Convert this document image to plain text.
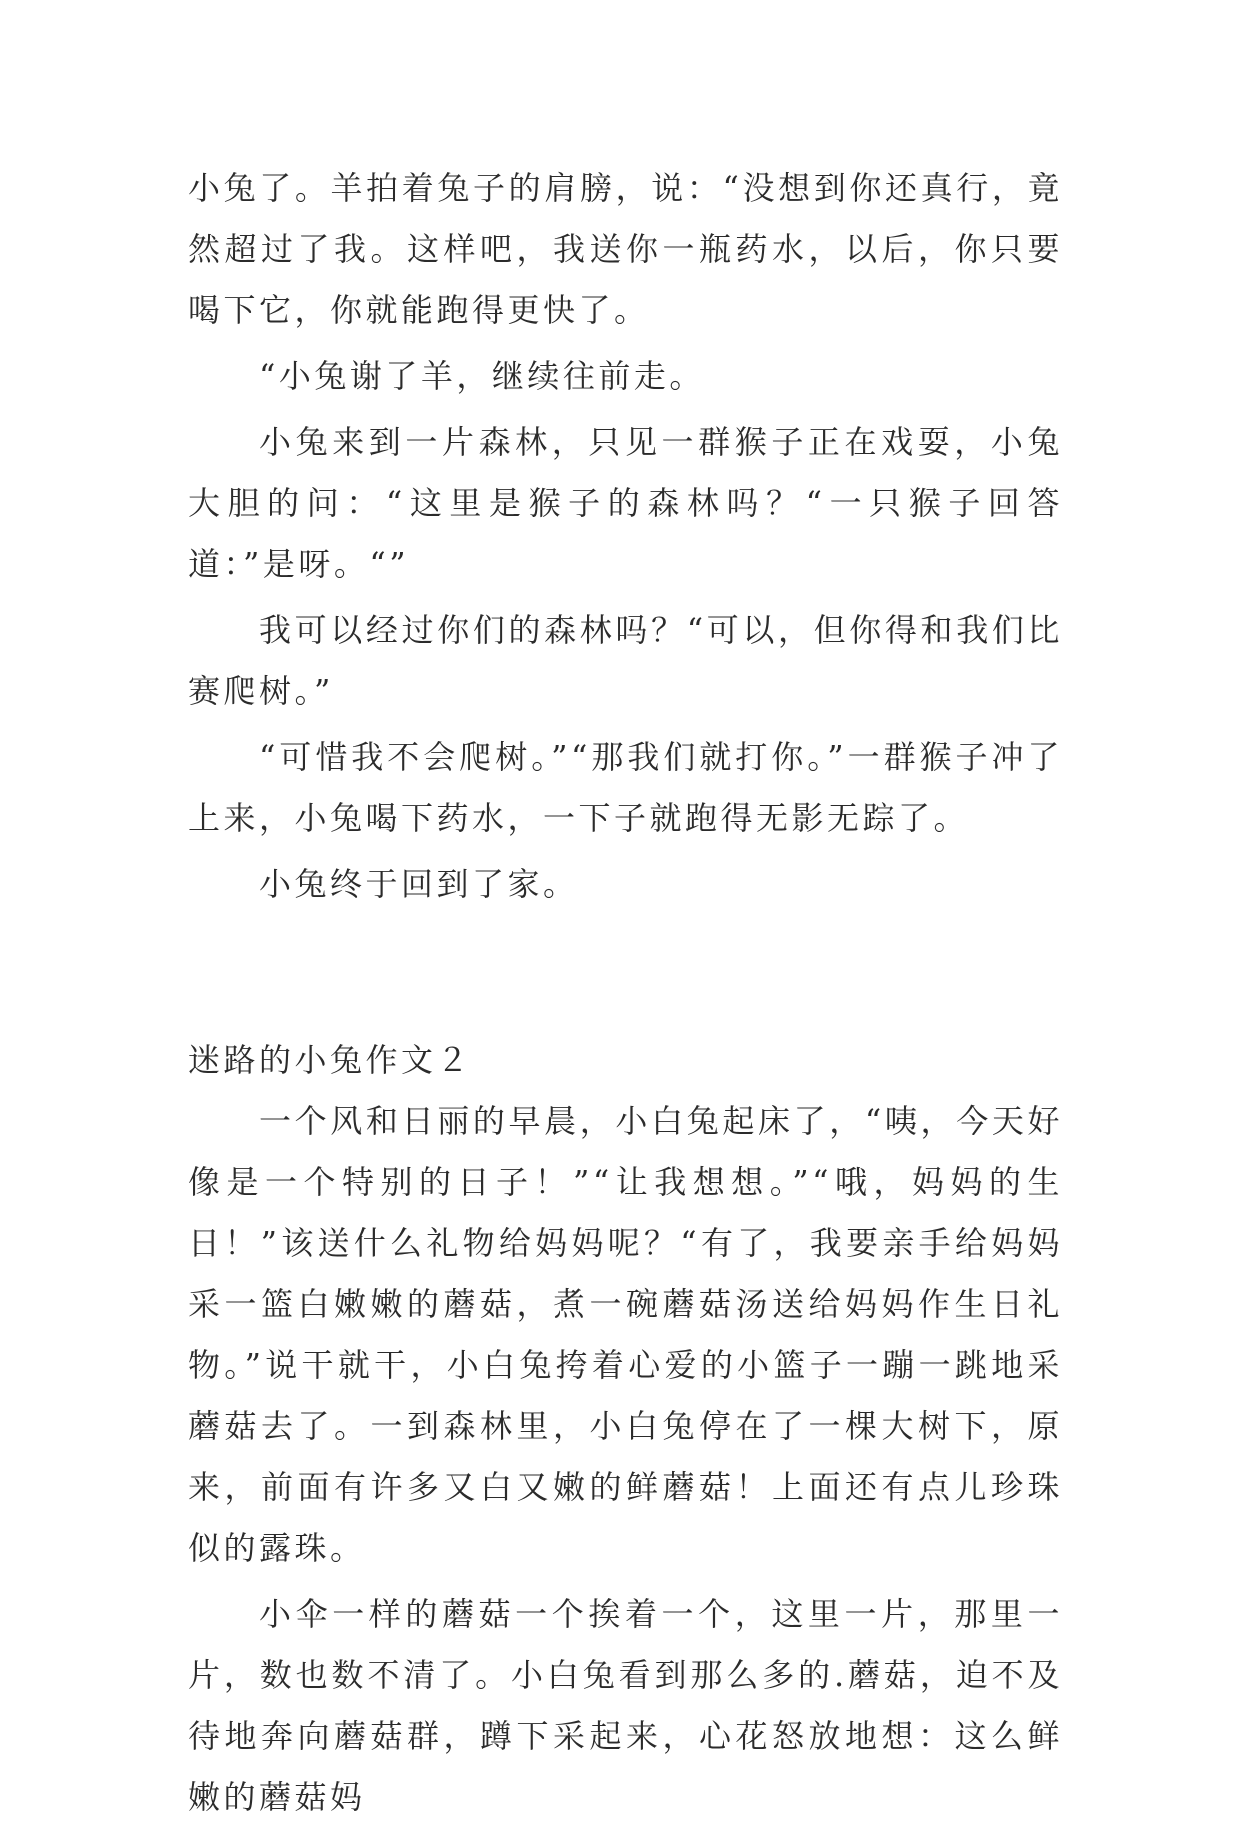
小兔了。羊拍着兔子的肩膀，说：“没想到你还真行，竟然超过了我。这样吧，我送你一瓶药水，以后，你只要喝下它，你就能跑得更快了。

“小兔谢了羊，继续往前走。

小兔来到一片森林，只见一群猴子正在戏耍，小兔大胆的问：“这里是猴子的森林吗？“一只猴子回答道：”是呀。“”

我可以经过你们的森林吗？“可以，但你得和我们比赛爬树。”

“可惜我不会爬树。”“那我们就打你。”一群猴子冲了上来，小兔喝下药水，一下子就跑得无影无踪了。

小兔终于回到了家。

迷路的小兔作文２

一个风和日丽的早晨，小白兔起床了，“咦，今天好像是一个特别的日子！”“让我想想。”“哦，妈妈的生日！”该送什么礼物给妈妈呢？“有了，我要亲手给妈妈采一篮白嫩嫩的蘑菇，煮一碗蘑菇汤送给妈妈作生日礼物。”说干就干，小白兔挎着心爱的小篮子一蹦一跳地采蘑菇去了。一到森林里，小白兔停在了一棵大树下，原来，前面有许多又白又嫩的鲜蘑菇！上面还有点儿珍珠似的露珠。

小伞一样的蘑菇一个挨着一个，这里一片，那里一片，数也数不清了。小白兔看到那么多的.蘑菇，迫不及待地奔向蘑菇群，蹲下采起来，心花怒放地想：这么鲜嫩的蘑菇妈
